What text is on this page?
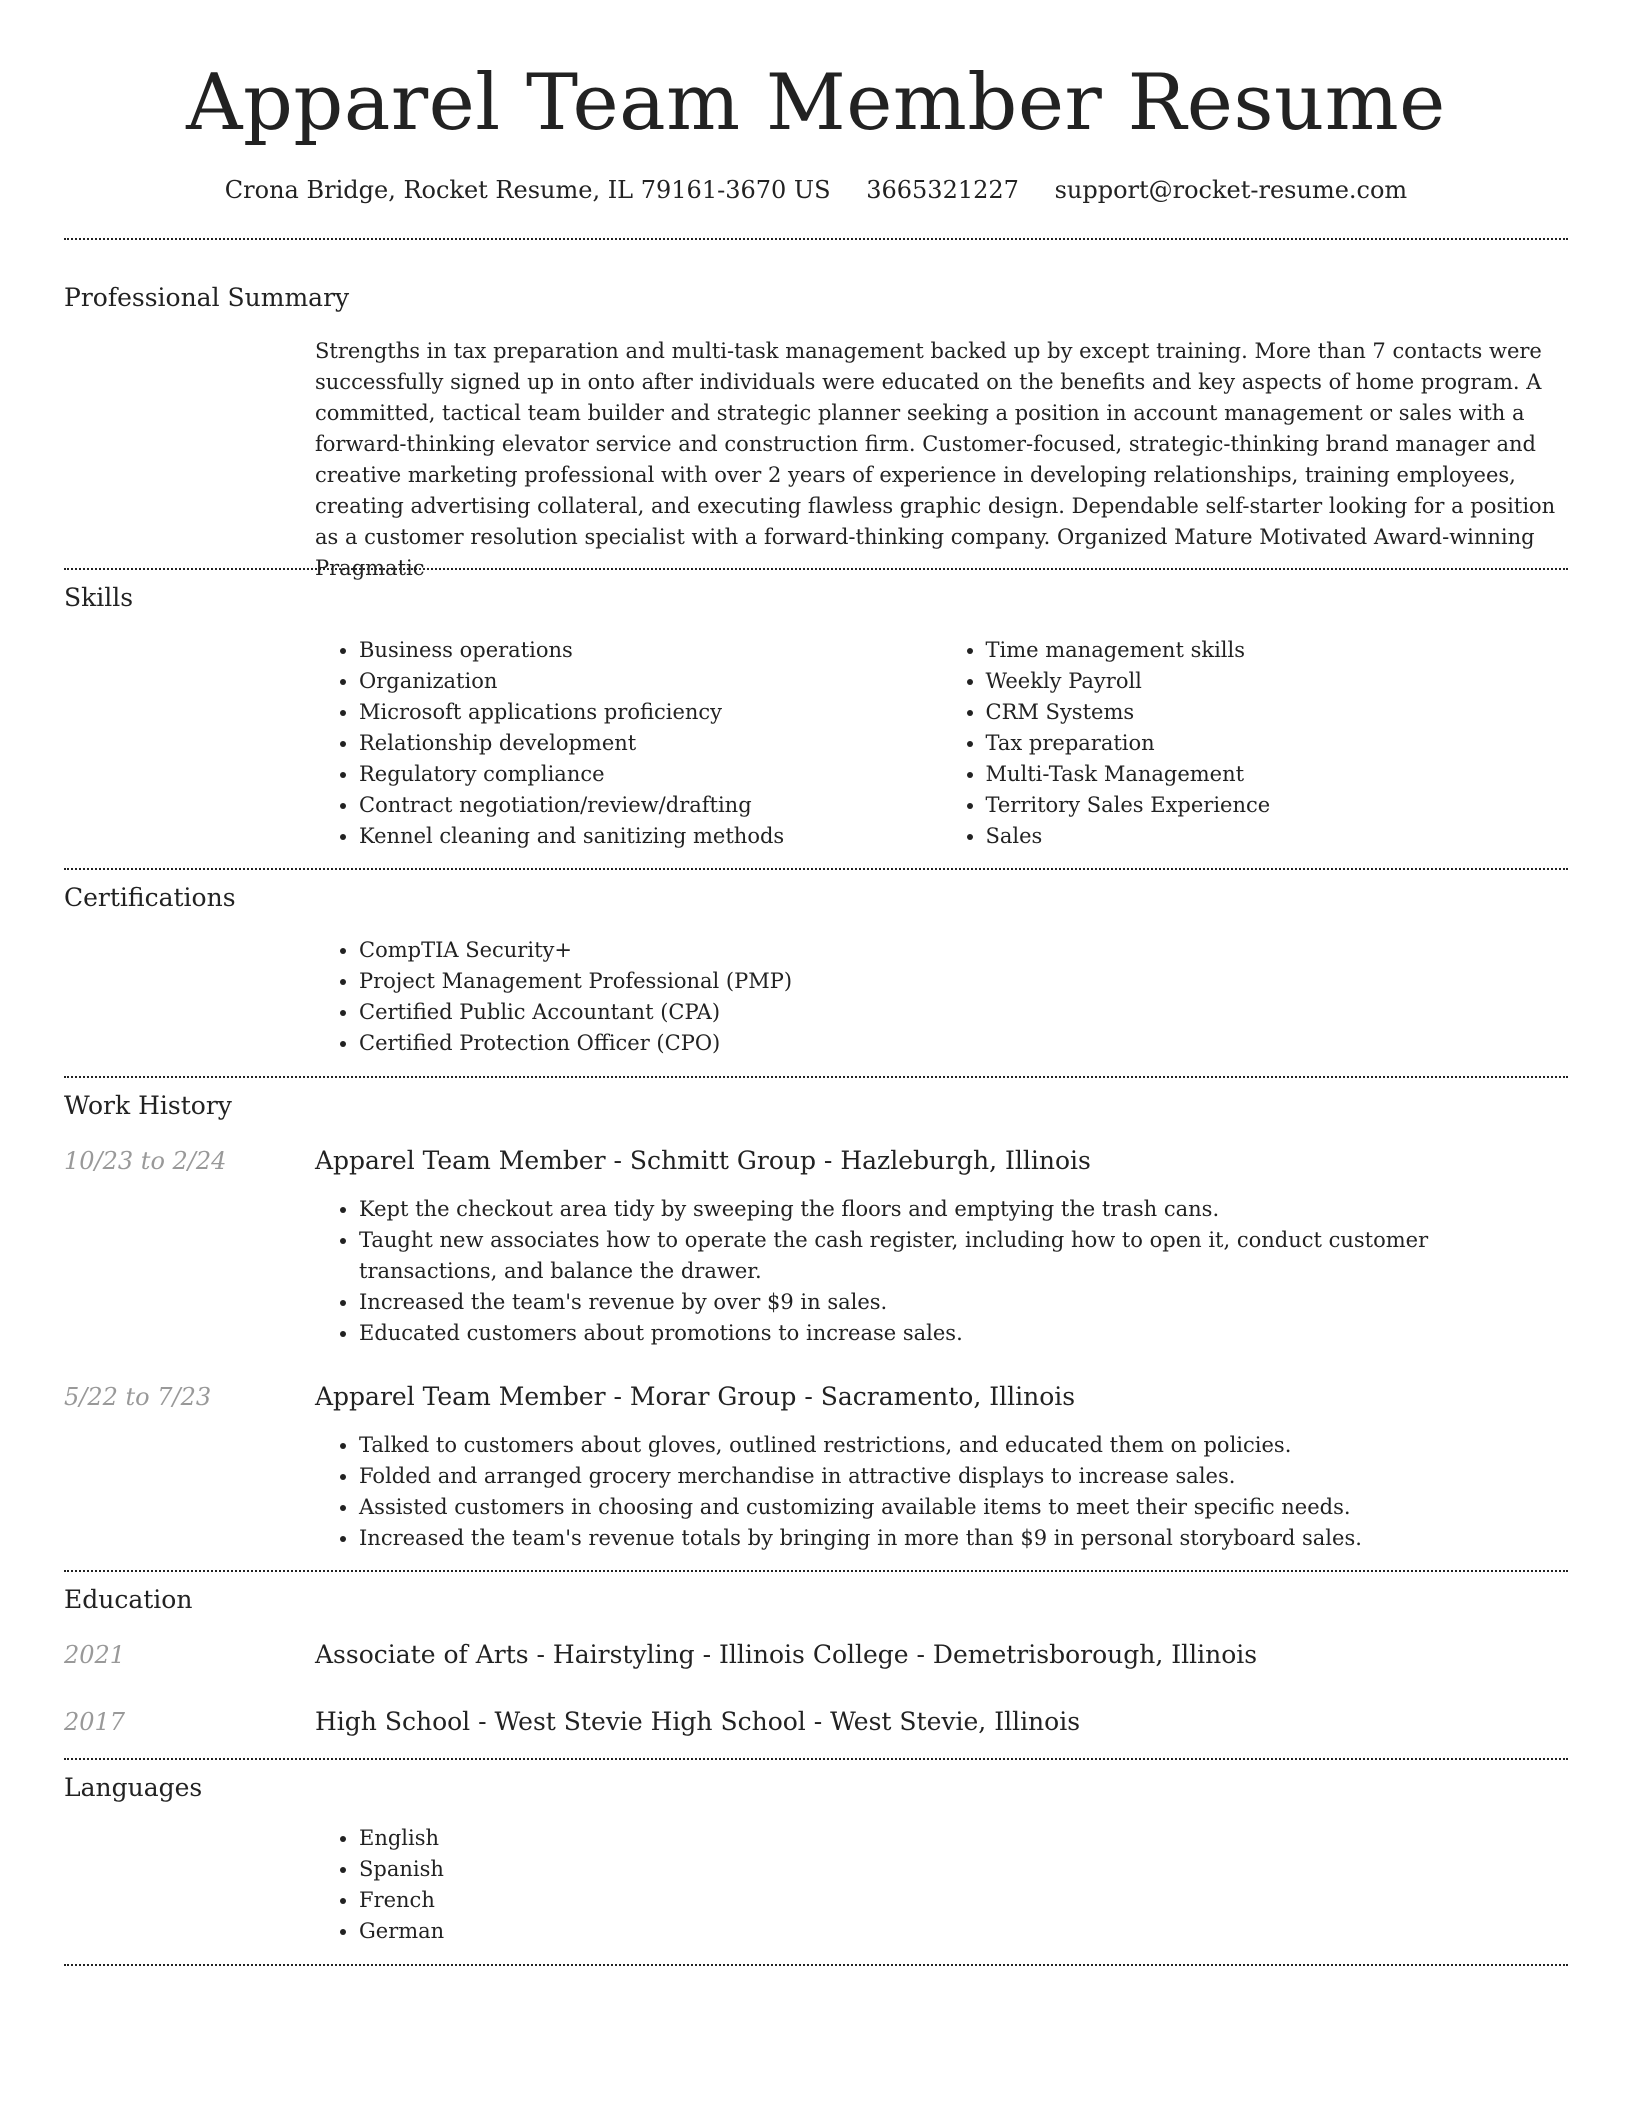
Apparel Team Member Resume
Crona Bridge, Rocket Resume, IL 79161-3670 US 3665321227 support@rocket-resume.com
Professional Summary

Strengths in tax preparation and multi-task management backed up by except training. More than 7 contacts were successfully signed up in onto after individuals were educated on the benefits and key aspects of home program. A committed, tactical team builder and strategic planner seeking a position in account management or sales with a forward-thinking elevator service and construction firm. Customer-focused, strategic-thinking brand manager and creative marketing professional with over 2 years of experience in developing relationships, training employees, creating advertising collateral, and executing flawless graphic design. Dependable self-starter looking for a position as a customer resolution specialist with a forward-thinking company. Organized Mature Motivated Award-winning Pragmatic

Skills
• Business operations
• Organization
• Microsoft applications proficiency
• Relationship development
• Regulatory compliance
• Contract negotiation/review/drafting
• Kennel cleaning and sanitizing methods
• Time management skills
• Weekly Payroll
• CRM Systems
• Tax preparation
• Multi-Task Management
• Territory Sales Experience
• Sales
Certifications
• CompTIA Security+
• Project Management Professional (PMP)
• Certified Public Accountant (CPA)
• Certified Protection Officer (CPO)
Work History
10/23 to 2/24	Apparel Team Member - Schmitt Group - Hazleburgh, Illinois
• Kept the checkout area tidy by sweeping the floors and emptying the trash cans.
• Taught new associates how to operate the cash register, including how to open it, conduct customer transactions, and balance the drawer.
• Increased the team's revenue by over $9 in sales.
• Educated customers about promotions to increase sales.
5/22 to 7/23	Apparel Team Member - Morar Group - Sacramento, Illinois
• Talked to customers about gloves, outlined restrictions, and educated them on policies.
• Folded and arranged grocery merchandise in attractive displays to increase sales.
• Assisted customers in choosing and customizing available items to meet their specific needs.
• Increased the team's revenue totals by bringing in more than $9 in personal storyboard sales.
Education
2021	Associate of Arts - Hairstyling - Illinois College - Demetrisborough, Illinois
2017	High School - West Stevie High School - West Stevie, Illinois
Languages
• English
• Spanish
• French
• German
